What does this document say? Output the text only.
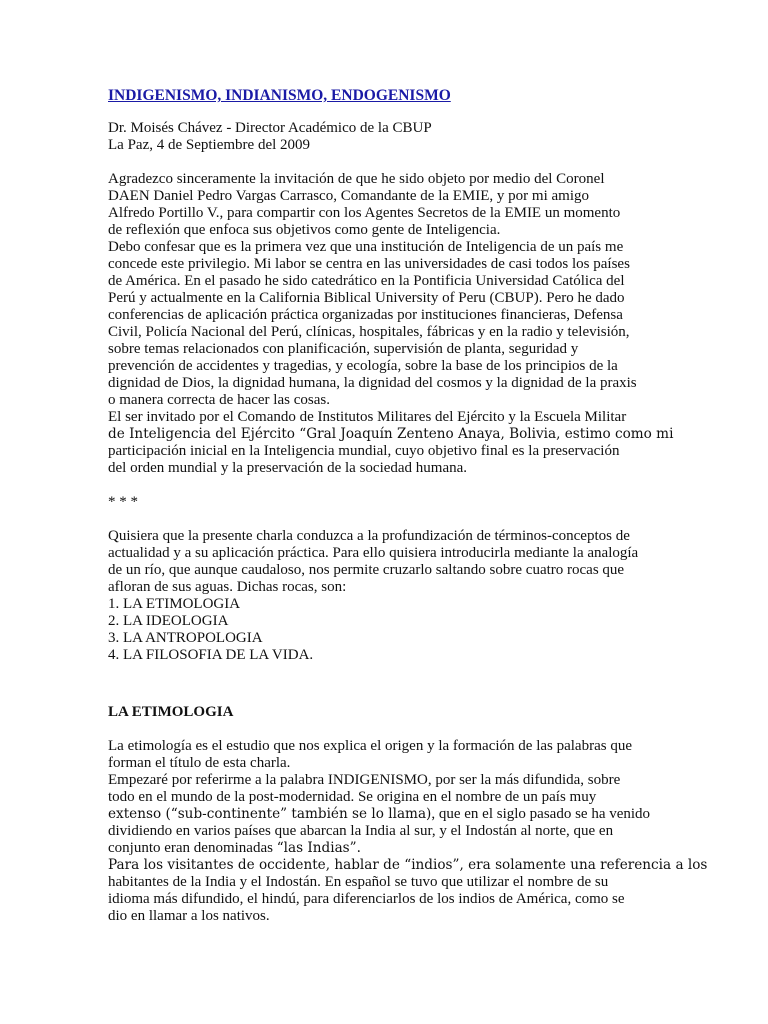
INDIGENISMO, INDIANISMO, ENDOGENISMO
Dr. Moisés Chávez - Director Académico de la CBUP
La Paz, 4 de Septiembre del 2009
Agradezco sinceramente la invitación de que he sido objeto por medio del Coronel
DAEN Daniel Pedro Vargas Carrasco, Comandante de la EMIE, y por mi amigo
Alfredo Portillo V., para compartir con los Agentes Secretos de la EMIE un momento
de reflexión que enfoca sus objetivos como gente de Inteligencia.
Debo confesar que es la primera vez que una institución de Inteligencia de un país me
concede este privilegio. Mi labor se centra en las universidades de casi todos los países
de América. En el pasado he sido catedrático en la Pontificia Universidad Católica del
Perú y actualmente en la California Biblical University of Peru (CBUP). Pero he dado
conferencias de aplicación práctica organizadas por instituciones financieras, Defensa
Civil, Policía Nacional del Perú, clínicas, hospitales, fábricas y en la radio y televisión,
sobre temas relacionados con planificación, supervisión de planta, seguridad y
prevención de accidentes y tragedias, y ecología, sobre la base de los principios de la
dignidad de Dios, la dignidad humana, la dignidad del cosmos y la dignidad de la praxis
o manera correcta de hacer las cosas.
El ser invitado por el Comando de Institutos Militares del Ejército y la Escuela Militar
de Inteligencia del Ejército “Gral Joaquín Zenteno Anaya, Bolivia, estimo como mi
participación inicial en la Inteligencia mundial, cuyo objetivo final es la preservación
del orden mundial y la preservación de la sociedad humana.
* * *
Quisiera que la presente charla conduzca a la profundización de términos-conceptos de
actualidad y a su aplicación práctica. Para ello quisiera introducirla mediante la analogía
de un río, que aunque caudaloso, nos permite cruzarlo saltando sobre cuatro rocas que
afloran de sus aguas. Dichas rocas, son:
1. LA ETIMOLOGIA
2. LA IDEOLOGIA
3. LA ANTROPOLOGIA
4. LA FILOSOFIA DE LA VIDA.
LA ETIMOLOGIA
La etimología es el estudio que nos explica el origen y la formación de las palabras que
forman el título de esta charla.
Empezaré por referirme a la palabra INDIGENISMO, por ser la más difundida, sobre
todo en el mundo de la post-modernidad. Se origina en el nombre de un país muy
extenso (“sub-continente” también se lo llama), que en el siglo pasado se ha venido
dividiendo en varios países que abarcan la India al sur, y el Indostán al norte, que en
conjunto eran denominadas “las Indias”.
Para los visitantes de occidente, hablar de “indios”, era solamente una referencia a los
habitantes de la India y el Indostán. En español se tuvo que utilizar el nombre de su
idioma más difundido, el hindú, para diferenciarlos de los indios de América, como se
dio en llamar a los nativos.
